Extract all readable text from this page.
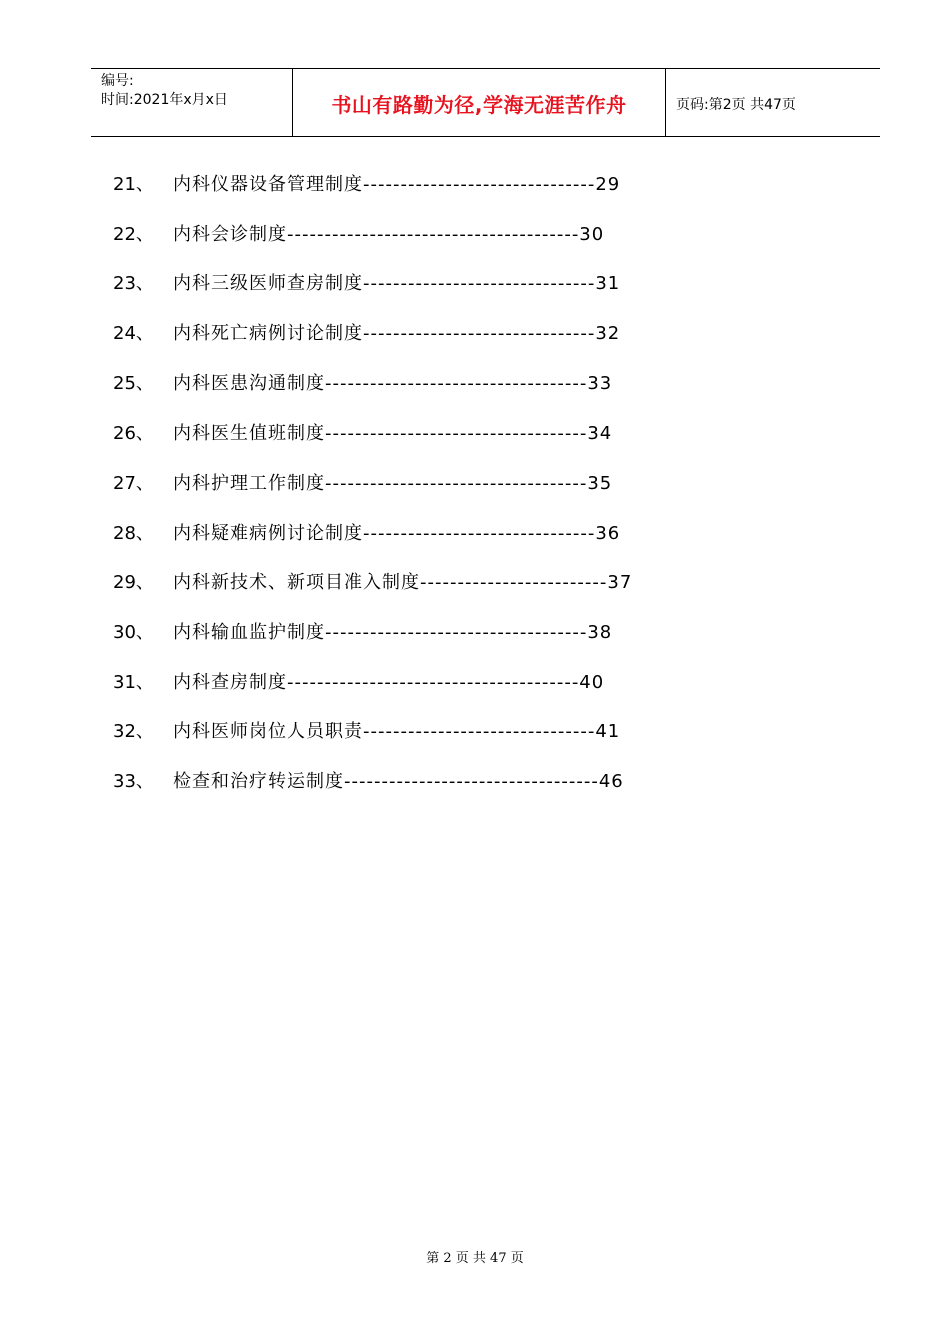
编号:
时间:2021年x月x日	书山有路勤为径,学海无涯苦作舟	页码:第2页 共47页
21、 内科仪器设备管理制度-------------------------------29
22、 内科会诊制度---------------------------------------30
23、 内科三级医师查房制度-------------------------------31
24、 内科死亡病例讨论制度-------------------------------32
25、 内科医患沟通制度-----------------------------------33
26、 内科医生值班制度-----------------------------------34
27、 内科护理工作制度-----------------------------------35
28、 内科疑难病例讨论制度-------------------------------36
29、 内科新技术、新项目准入制度-------------------------37
30、 内科输血监护制度-----------------------------------38
31、 内科查房制度---------------------------------------40
32、 内科医师岗位人员职责-------------------------------41
33、 检查和治疗转运制度----------------------------------46
第 2 页 共 47 页
